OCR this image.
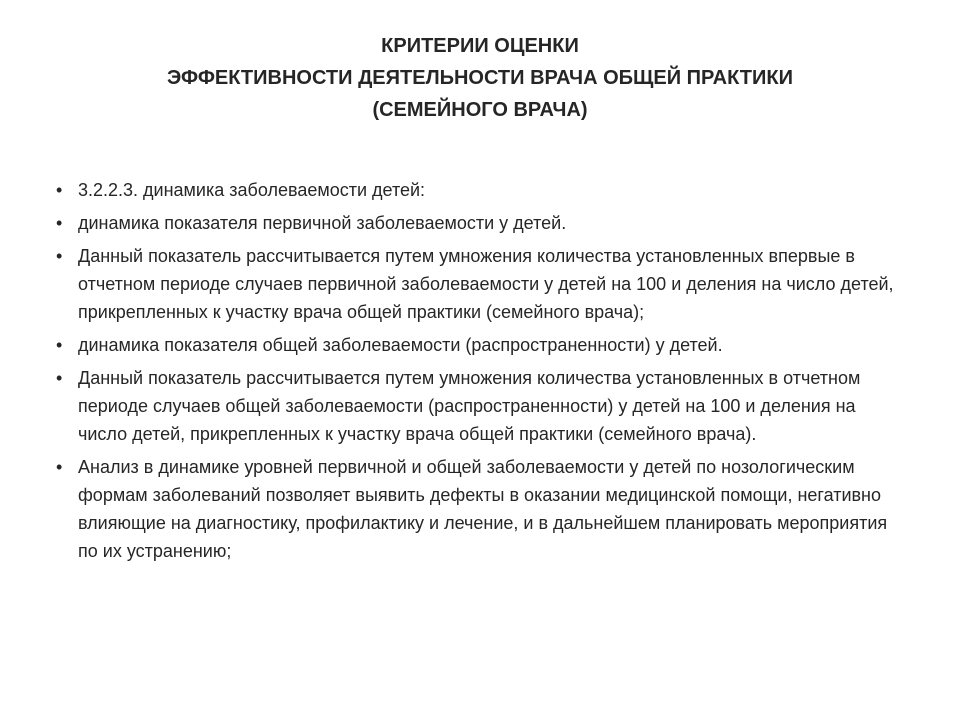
КРИТЕРИИ ОЦЕНКИ
ЭФФЕКТИВНОСТИ ДЕЯТЕЛЬНОСТИ ВРАЧА ОБЩЕЙ ПРАКТИКИ
(СЕМЕЙНОГО ВРАЧА)
• 3.2.2.3. динамика заболеваемости детей:
• динамика показателя первичной заболеваемости у детей.
• Данный показатель рассчитывается путем умножения количества установленных впервые в отчетном периоде случаев первичной заболеваемости у детей на 100 и деления на число детей, прикрепленных к участку врача общей практики (семейного врача);
• динамика показателя общей заболеваемости (распространенности) у детей.
• Данный показатель рассчитывается путем умножения количества установленных в отчетном периоде случаев общей заболеваемости (распространенности) у детей на 100 и деления на число детей, прикрепленных к участку врача общей практики (семейного врача).
• Анализ в динамике уровней первичной и общей заболеваемости у детей по нозологическим формам заболеваний позволяет выявить дефекты в оказании медицинской помощи, негативно влияющие на диагностику, профилактику и лечение, и в дальнейшем планировать мероприятия по их устранению;
